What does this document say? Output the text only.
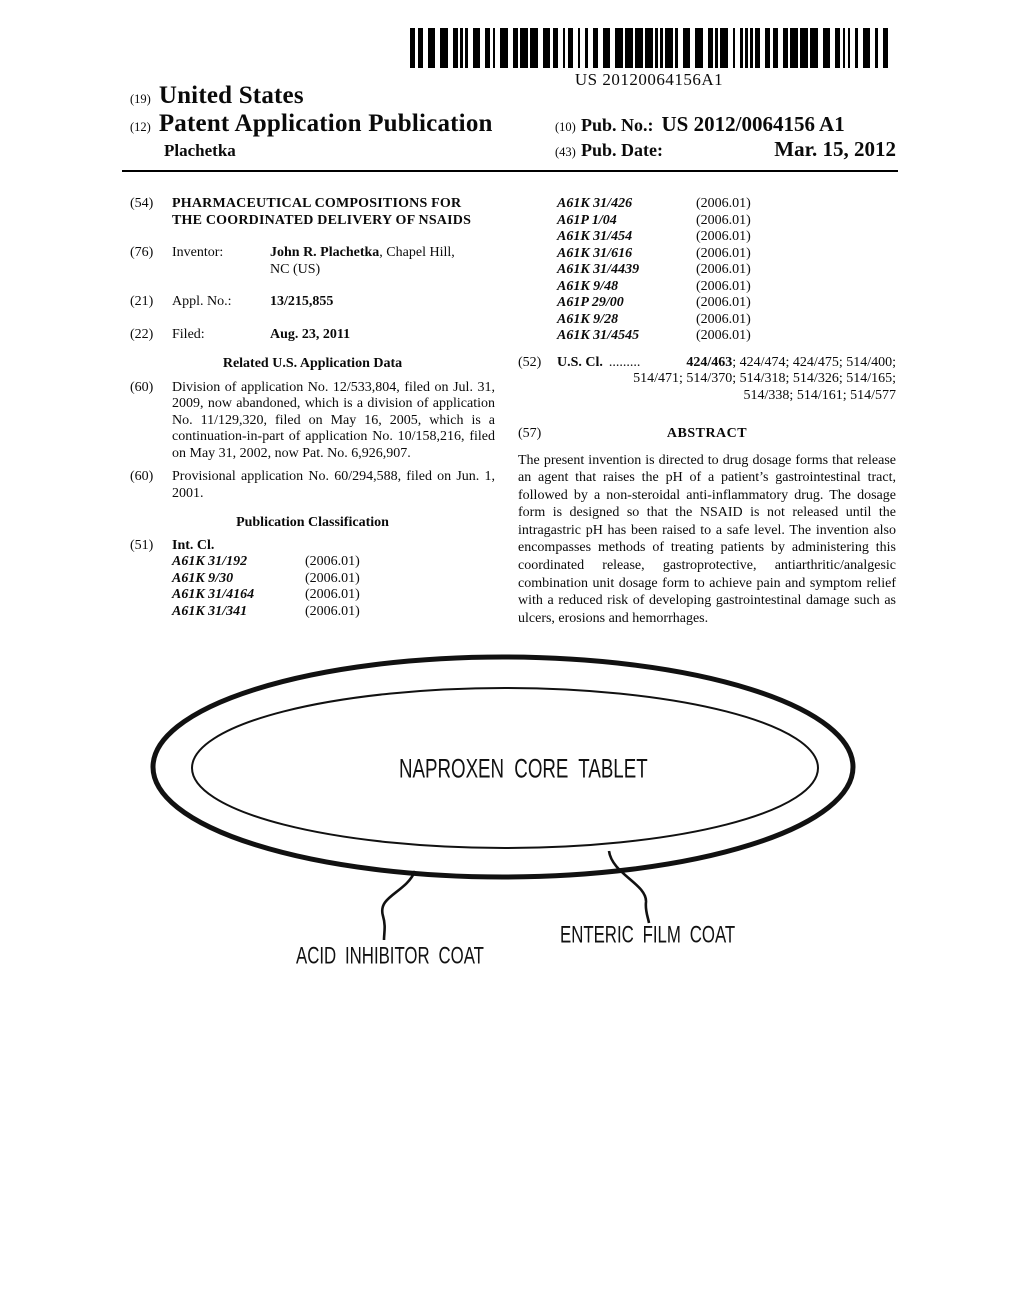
US 20120064156A1
(19) United States
(12) Patent Application Publication
Plachetka
(10) Pub. No.: US 2012/0064156 A1
(43) Pub. Date:	Mar. 15, 2012
(54)	PHARMACEUTICAL COMPOSITIONS FOR THE COORDINATED DELIVERY OF NSAIDS
(76)	Inventor:	John R. Plachetka, Chapel Hill,
NC (US)
(21)	Appl. No.:	13/215,855
(22)	Filed:	Aug. 23, 2011
Related U.S. Application Data
(60)	Division of application No. 12/533,804, filed on Jul. 31, 2009, now abandoned, which is a division of application No. 11/129,320, filed on May 16, 2005, which is a continuation-in-part of application No. 10/158,216, filed on May 31, 2002, now Pat. No. 6,926,907.
(60)	Provisional application No. 60/294,588, filed on Jun. 1, 2001.
Publication Classification
(51)	Int. Cl.
A61K 31/192	(2006.01)
A61K 9/30	(2006.01)
A61K 31/4164	(2006.01)
A61K 31/341	(2006.01)
A61K 31/426	(2006.01)
A61P 1/04	(2006.01)
A61K 31/454	(2006.01)
A61K 31/616	(2006.01)
A61K 31/4439	(2006.01)
A61K 9/48	(2006.01)
A61P 29/00	(2006.01)
A61K 9/28	(2006.01)
A61K 31/4545	(2006.01)
(52)	U.S. Cl. .........	424/463; 424/474; 424/475; 514/400;
514/471; 514/370; 514/318; 514/326; 514/165;
514/338; 514/161; 514/577
(57)	ABSTRACT
The present invention is directed to drug dosage forms that release an agent that raises the pH of a patient’s gastrointestinal tract, followed by a non-steroidal anti-inflammatory drug. The dosage form is designed so that the NSAID is not released until the intragastric pH has been raised to a safe level. The invention also encompasses methods of treating patients by administering this coordinated release, gastroprotective, antiarthritic/analgesic combination unit dosage form to achieve pain and symptom relief with a reduced risk of developing gastrointestinal damage such as ulcers, erosions and hemorrhages.
NAPROXEN CORE TABLET
ACID INHIBITOR COAT
ENTERIC FILM COAT
